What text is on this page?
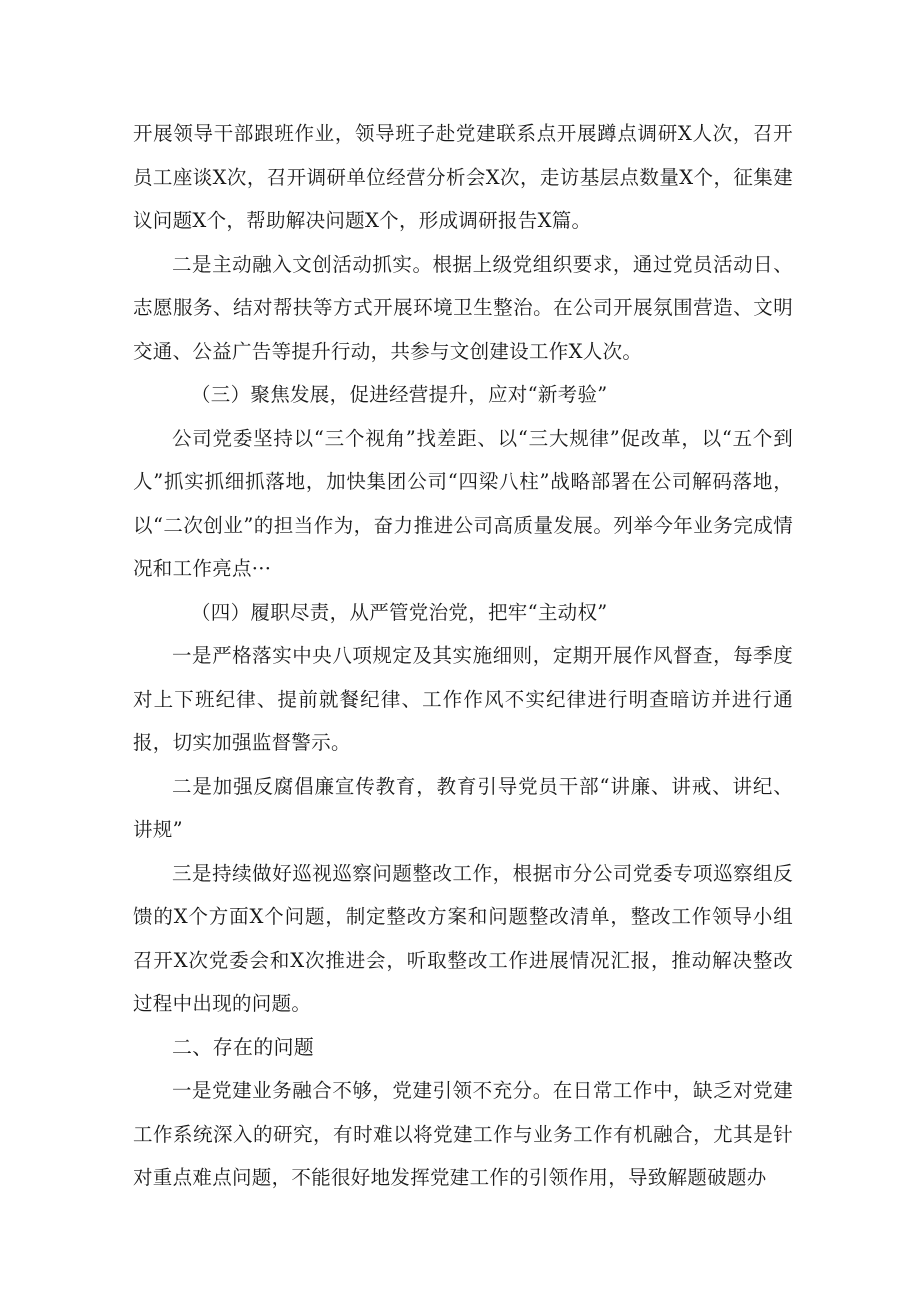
开展领导干部跟班作业，领导班子赴党建联系点开展蹲点调研X人次，召开员工座谈X次，召开调研单位经营分析会X次，走访基层点数量X个，征集建议问题X个，帮助解决问题X个，形成调研报告X篇。

二是主动融入文创活动抓实。根据上级党组织要求，通过党员活动日、志愿服务、结对帮扶等方式开展环境卫生整治。在公司开展氛围营造、文明交通、公益广告等提升行动，共参与文创建设工作X人次。

（三）聚焦发展，促进经营提升，应对“新考验”

公司党委坚持以“三个视角”找差距、以“三大规律”促改革，以“五个到人”抓实抓细抓落地，加快集团公司“四梁八柱”战略部署在公司解码落地，以“二次创业”的担当作为，奋力推进公司高质量发展。列举今年业务完成情况和工作亮点···

（四）履职尽责，从严管党治党，把牢“主动权”

一是严格落实中央八项规定及其实施细则，定期开展作风督查，每季度对上下班纪律、提前就餐纪律、工作作风不实纪律进行明查暗访并进行通报，切实加强监督警示。

二是加强反腐倡廉宣传教育，教育引导党员干部“讲廉、讲戒、讲纪、讲规”

三是持续做好巡视巡察问题整改工作，根据市分公司党委专项巡察组反馈的X个方面X个问题，制定整改方案和问题整改清单，整改工作领导小组召开X次党委会和X次推进会，听取整改工作进展情况汇报，推动解决整改过程中出现的问题。

二、存在的问题

一是党建业务融合不够，党建引领不充分。在日常工作中，缺乏对党建工作系统深入的研究，有时难以将党建工作与业务工作有机融合，尤其是针对重点难点问题，不能很好地发挥党建工作的引领作用，导致解题破题办
